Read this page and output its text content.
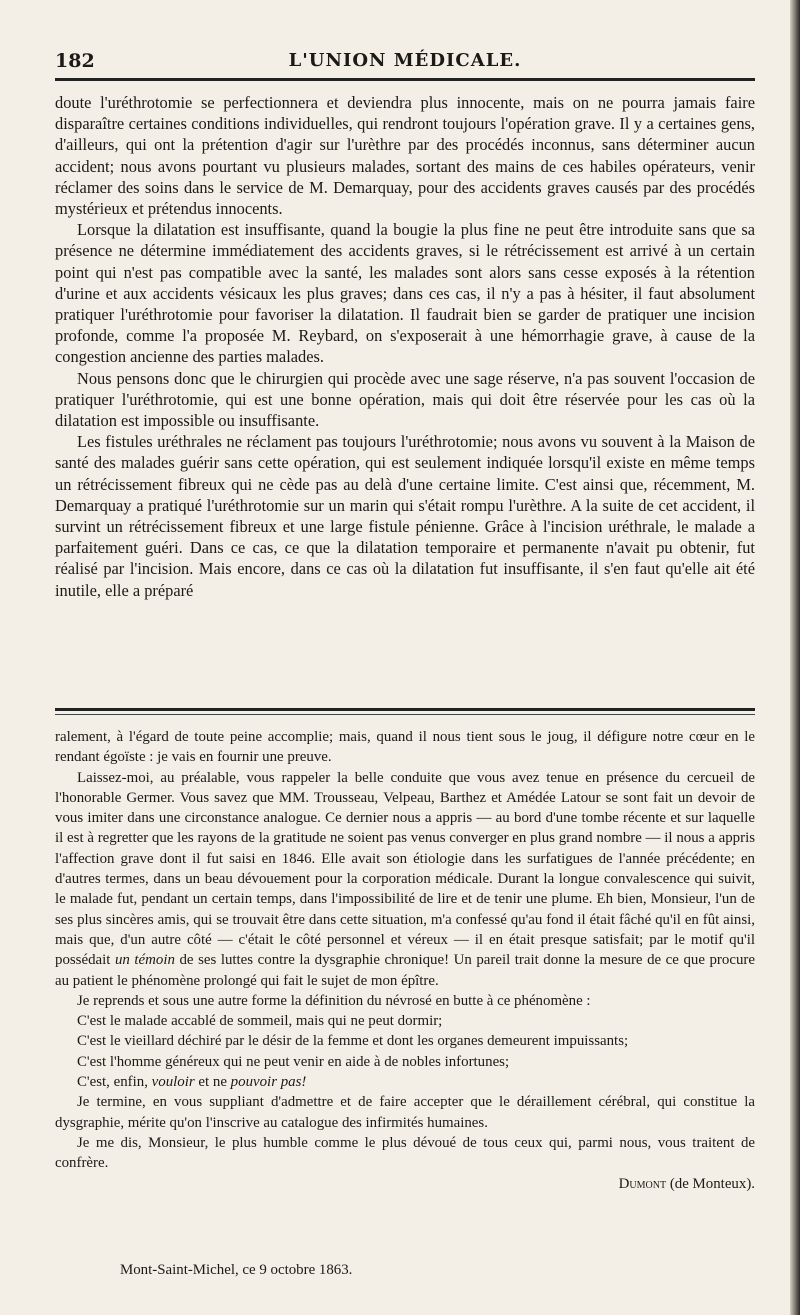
182	L'UNION MÉDICALE.

doute l'uréthrotomie se perfectionnera et deviendra plus innocente, mais on ne pourra jamais faire disparaître certaines conditions individuelles, qui rendront toujours l'opération grave. Il y a certaines gens, d'ailleurs, qui ont la prétention d'agir sur l'urèthre par des procédés inconnus, sans déterminer aucun accident; nous avons pourtant vu plusieurs malades, sortant des mains de ces habiles opérateurs, venir réclamer des soins dans le service de M. Demarquay, pour des accidents graves causés par des procédés mystérieux et prétendus innocents.

Lorsque la dilatation est insuffisante, quand la bougie la plus fine ne peut être introduite sans que sa présence ne détermine immédiatement des accidents graves, si le rétrécissement est arrivé à un certain point qui n'est pas compatible avec la santé, les malades sont alors sans cesse exposés à la rétention d'urine et aux accidents vésicaux les plus graves; dans ces cas, il n'y a pas à hésiter, il faut absolument pratiquer l'uréthrotomie pour favoriser la dilatation. Il faudrait bien se garder de pratiquer une incision profonde, comme l'a proposée M. Reybard, on s'exposerait à une hémorrhagie grave, à cause de la congestion ancienne des parties malades.

Nous pensons donc que le chirurgien qui procède avec une sage réserve, n'a pas souvent l'occasion de pratiquer l'uréthrotomie, qui est une bonne opération, mais qui doit être réservée pour les cas où la dilatation est impossible ou insuffisante.

Les fistules uréthrales ne réclament pas toujours l'uréthrotomie; nous avons vu souvent à la Maison de santé des malades guérir sans cette opération, qui est seulement indiquée lorsqu'il existe en même temps un rétrécissement fibreux qui ne cède pas au delà d'une certaine limite. C'est ainsi que, récemment, M. Demarquay a pratiqué l'uréthrotomie sur un marin qui s'était rompu l'urèthre. A la suite de cet accident, il survint un rétrécissement fibreux et une large fistule pénienne. Grâce à l'incision uréthrale, le malade a parfaitement guéri. Dans ce cas, ce que la dilatation temporaire et permanente n'avait pu obtenir, fut réalisé par l'incision. Mais encore, dans ce cas où la dilatation fut insuffisante, il s'en faut qu'elle ait été inutile, elle a préparé

ralement, à l'égard de toute peine accomplie; mais, quand il nous tient sous le joug, il défigure notre cœur en le rendant égoïste : je vais en fournir une preuve.

Laissez-moi, au préalable, vous rappeler la belle conduite que vous avez tenue en présence du cercueil de l'honorable Germer. Vous savez que MM. Trousseau, Velpeau, Barthez et Amédée Latour se sont fait un devoir de vous imiter dans une circonstance analogue. Ce dernier nous a appris — au bord d'une tombe récente et sur laquelle il est à regretter que les rayons de la gratitude ne soient pas venus converger en plus grand nombre — il nous a appris l'affection grave dont il fut saisi en 1846. Elle avait son étiologie dans les surfatigues de l'année précédente; en d'autres termes, dans un beau dévouement pour la corporation médicale. Durant la longue convalescence qui suivit, le malade fut, pendant un certain temps, dans l'impossibilité de lire et de tenir une plume. Eh bien, Monsieur, l'un de ses plus sincères amis, qui se trouvait être dans cette situation, m'a confessé qu'au fond il était fâché qu'il en fût ainsi, mais que, d'un autre côté — c'était le côté personnel et véreux — il en était presque satisfait; par le motif qu'il possédait un témoin de ses luttes contre la dysgraphie chronique! Un pareil trait donne la mesure de ce que procure au patient le phénomène prolongé qui fait le sujet de mon épître.

Je reprends et sous une autre forme la définition du névrosé en butte à ce phénomène :

C'est le malade accablé de sommeil, mais qui ne peut dormir;

C'est le vieillard déchiré par le désir de la femme et dont les organes demeurent impuissants;

C'est l'homme généreux qui ne peut venir en aide à de nobles infortunes;

C'est, enfin, vouloir et ne pouvoir pas!

Je termine, en vous suppliant d'admettre et de faire accepter que le déraillement cérébral, qui constitue la dysgraphie, mérite qu'on l'inscrive au catalogue des infirmités humaines.

Je me dis, Monsieur, le plus humble comme le plus dévoué de tous ceux qui, parmi nous, vous traitent de confrère.

Dumont (de Monteux).

Mont-Saint-Michel, ce 9 octobre 1863.
